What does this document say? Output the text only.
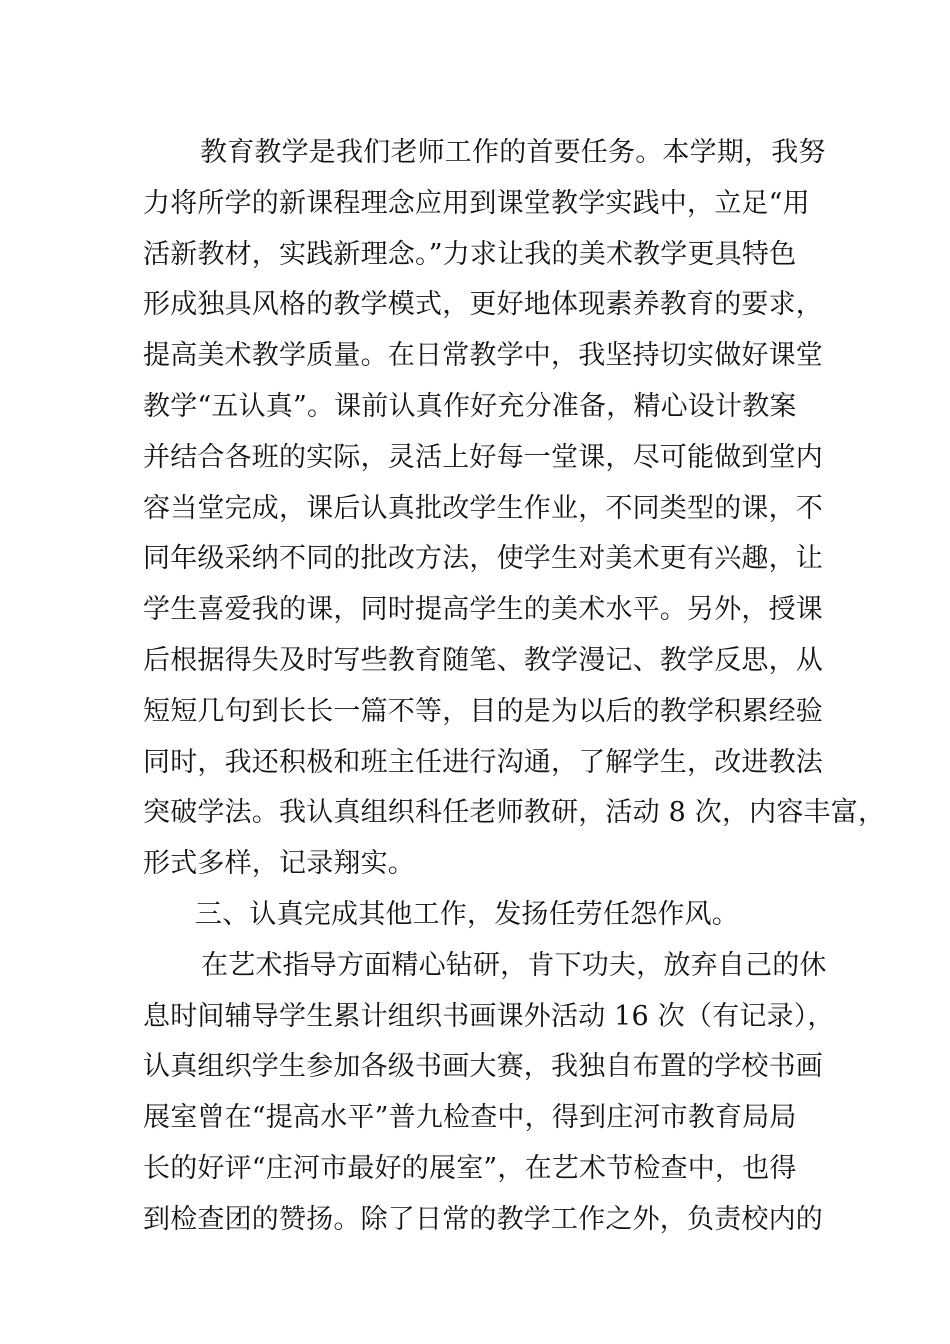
教育教学是我们老师工作的首要任务。本学期，我努
力将所学的新课程理念应用到课堂教学实践中，立足“用
活新教材，实践新理念。”力求让我的美术教学更具特色
形成独具风格的教学模式，更好地体现素养教育的要求，
提高美术教学质量。在日常教学中，我坚持切实做好课堂
教学“五认真”。课前认真作好充分准备，精心设计教案
并结合各班的实际，灵活上好每一堂课，尽可能做到堂内
容当堂完成，课后认真批改学生作业，不同类型的课，不
同年级采纳不同的批改方法，使学生对美术更有兴趣，让
学生喜爱我的课，同时提高学生的美术水平。另外，授课
后根据得失及时写些教育随笔、教学漫记、教学反思，从
短短几句到长长一篇不等，目的是为以后的教学积累经验
同时，我还积极和班主任进行沟通，了解学生，改进教法
突破学法。我认真组织科任老师教研，活动 8 次，内容丰富，
形式多样，记录翔实。
三、认真完成其他工作，发扬任劳任怨作风。
在艺术指导方面精心钻研，肯下功夫，放弃自己的休
息时间辅导学生累计组织书画课外活动 16 次（有记录），
认真组织学生参加各级书画大赛，我独自布置的学校书画
展室曾在“提高水平”普九检查中，得到庄河市教育局局
长的好评“庄河市最好的展室”，在艺术节检查中，也得
到检查团的赞扬。除了日常的教学工作之外，负责校内的
